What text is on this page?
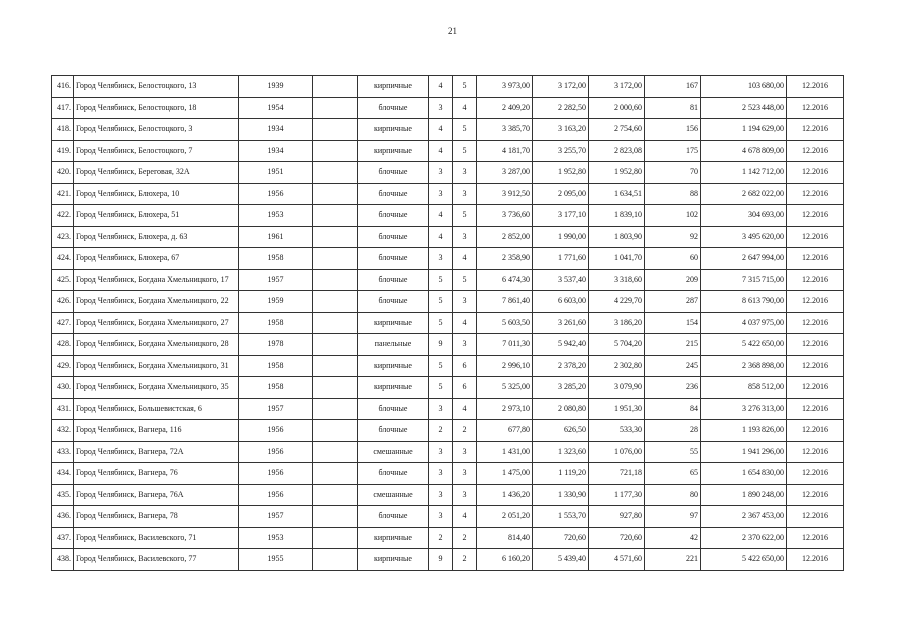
21
416.	Город Челябинск, Белостоцкого, 13	1939		кирпичные	4	5	3 973,00	3 172,00	3 172,00	167	103 680,00	12.2016
417.	Город Челябинск, Белостоцкого, 18	1954		блочные	3	4	2 409,20	2 282,50	2 000,60	81	2 523 448,00	12.2016
418.	Город Челябинск, Белостоцкого, 3	1934		кирпичные	4	5	3 385,70	3 163,20	2 754,60	156	1 194 629,00	12.2016
419.	Город Челябинск, Белостоцкого, 7	1934		кирпичные	4	5	4 181,70	3 255,70	2 823,08	175	4 678 809,00	12.2016
420.	Город Челябинск, Береговая, 32А	1951		блочные	3	3	3 287,00	1 952,80	1 952,80	70	1 142 712,00	12.2016
421.	Город Челябинск, Блюхера, 10	1956		блочные	3	3	3 912,50	2 095,00	1 634,51	88	2 682 022,00	12.2016
422.	Город Челябинск, Блюхера, 51	1953		блочные	4	5	3 736,60	3 177,10	1 839,10	102	304 693,00	12.2016
423.	Город Челябинск, Блюхера, д. 63	1961		блочные	4	3	2 852,00	1 990,00	1 803,90	92	3 495 620,00	12.2016
424.	Город Челябинск, Блюхера, 67	1958		блочные	3	4	2 358,90	1 771,60	1 041,70	60	2 647 994,00	12.2016
425.	Город Челябинск, Богдана Хмельницкого, 17	1957		блочные	5	5	6 474,30	3 537,40	3 318,60	209	7 315 715,00	12.2016
426.	Город Челябинск, Богдана Хмельницкого, 22	1959		блочные	5	3	7 861,40	6 603,00	4 229,70	287	8 613 790,00	12.2016
427.	Город Челябинск, Богдана Хмельницкого, 27	1958		кирпичные	5	4	5 603,50	3 261,60	3 186,20	154	4 037 975,00	12.2016
428.	Город Челябинск, Богдана Хмельницкого, 28	1978		панельные	9	3	7 011,30	5 942,40	5 704,20	215	5 422 650,00	12.2016
429.	Город Челябинск, Богдана Хмельницкого, 31	1958		кирпичные	5	6	2 996,10	2 378,20	2 302,80	245	2 368 898,00	12.2016
430.	Город Челябинск, Богдана Хмельницкого, 35	1958		кирпичные	5	6	5 325,00	3 285,20	3 079,90	236	858 512,00	12.2016
431.	Город Челябинск, Большевистская, 6	1957		блочные	3	4	2 973,10	2 080,80	1 951,30	84	3 276 313,00	12.2016
432.	Город Челябинск, Вагнера, 116	1956		блочные	2	2	677,80	626,50	533,30	28	1 193 826,00	12.2016
433.	Город Челябинск, Вагнера, 72А	1956		смешанные	3	3	1 431,00	1 323,60	1 076,00	55	1 941 296,00	12.2016
434.	Город Челябинск, Вагнера, 76	1956		блочные	3	3	1 475,00	1 119,20	721,18	65	1 654 830,00	12.2016
435.	Город Челябинск, Вагнера, 76А	1956		смешанные	3	3	1 436,20	1 330,90	1 177,30	80	1 890 248,00	12.2016
436.	Город Челябинск, Вагнера, 78	1957		блочные	3	4	2 051,20	1 553,70	927,80	97	2 367 453,00	12.2016
437.	Город Челябинск, Василевского, 71	1953		кирпичные	2	2	814,40	720,60	720,60	42	2 370 622,00	12.2016
438.	Город Челябинск, Василевского, 77	1955		кирпичные	9	2	6 160,20	5 439,40	4 571,60	221	5 422 650,00	12.2016
